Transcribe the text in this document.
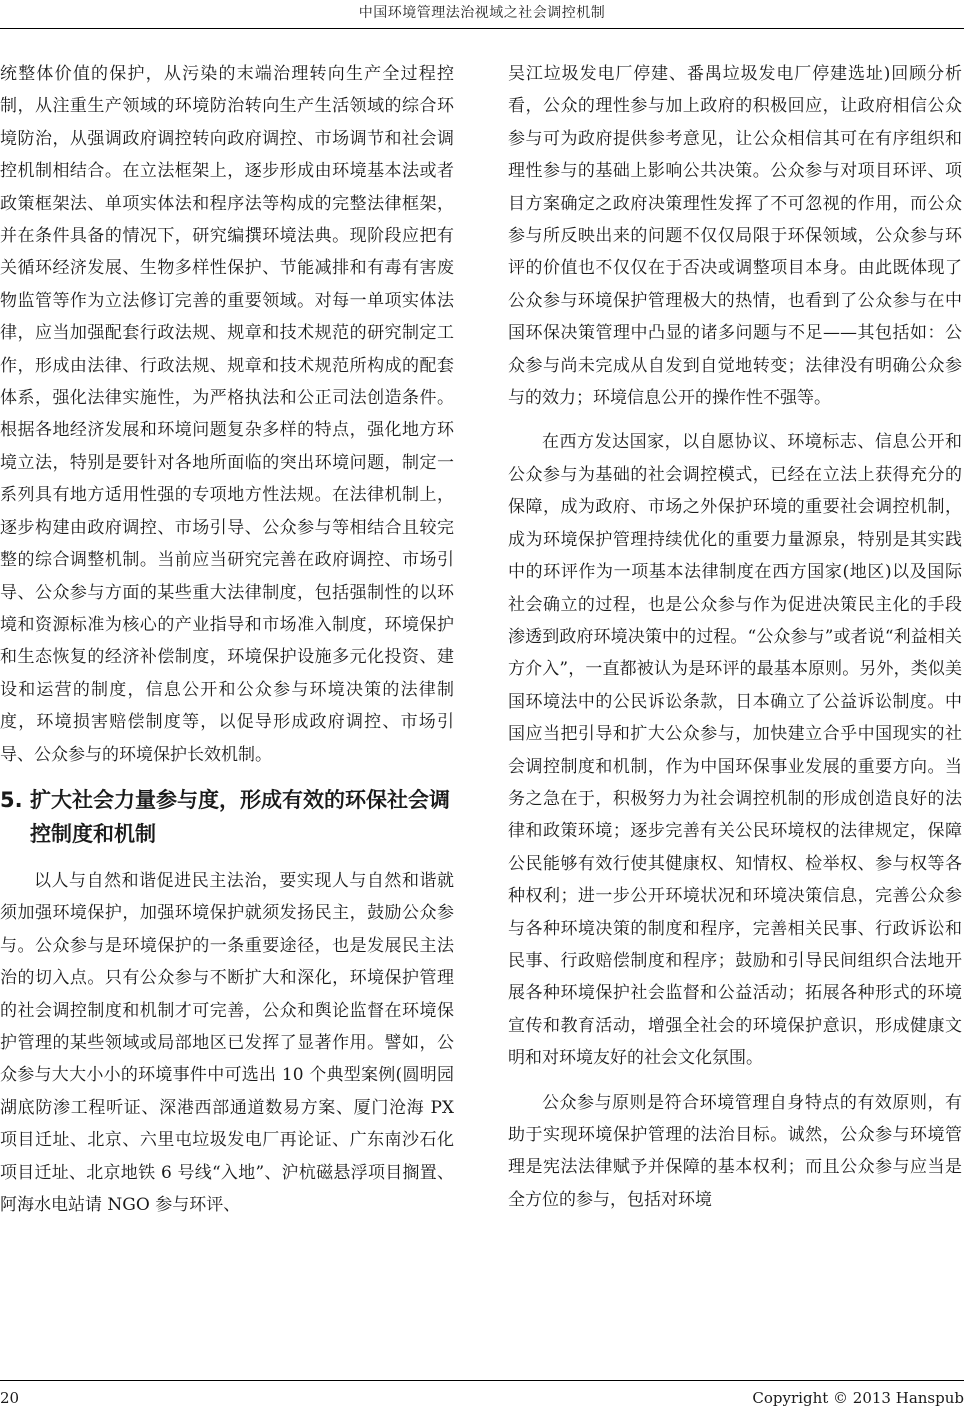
中国环境管理法治视域之社会调控机制

统整体价值的保护，从污染的末端治理转向生产全过程控制，从注重生产领域的环境防治转向生产生活领域的综合环境防治，从强调政府调控转向政府调控、市场调节和社会调控机制相结合。在立法框架上，逐步形成由环境基本法或者政策框架法、单项实体法和程序法等构成的完整法律框架，并在条件具备的情况下，研究编撰环境法典。现阶段应把有关循环经济发展、生物多样性保护、节能减排和有毒有害废物监管等作为立法修订完善的重要领域。对每一单项实体法律，应当加强配套行政法规、规章和技术规范的研究制定工作，形成由法律、行政法规、规章和技术规范所构成的配套体系，强化法律实施性，为严格执法和公正司法创造条件。根据各地经济发展和环境问题复杂多样的特点，强化地方环境立法，特别是要针对各地所面临的突出环境问题，制定一系列具有地方适用性强的专项地方性法规。在法律机制上，逐步构建由政府调控、市场引导、公众参与等相结合且较完整的综合调整机制。当前应当研究完善在政府调控、市场引导、公众参与方面的某些重大法律制度，包括强制性的以环境和资源标准为核心的产业指导和市场准入制度，环境保护和生态恢复的经济补偿制度，环境保护设施多元化投资、建设和运营的制度，信息公开和公众参与环境决策的法律制度，环境损害赔偿制度等，以促导形成政府调控、市场引导、公众参与的环境保护长效机制。

5. 扩大社会力量参与度，形成有效的环保社会调控制度和机制

以人与自然和谐促进民主法治，要实现人与自然和谐就须加强环境保护，加强环境保护就须发扬民主，鼓励公众参与。公众参与是环境保护的一条重要途径，也是发展民主法治的切入点。只有公众参与不断扩大和深化，环境保护管理的社会调控制度和机制才可完善，公众和舆论监督在环境保护管理的某些领域或局部地区已发挥了显著作用。譬如，公众参与大大小小的环境事件中可选出 10 个典型案例(圆明园湖底防渗工程听证、深港西部通道数易方案、厦门沧海 PX 项目迁址、北京、六里屯垃圾发电厂再论证、广东南沙石化项目迁址、北京地铁 6 号线“入地”、沪杭磁悬浮项目搁置、阿海水电站请 NGO 参与环评、

吴江垃圾发电厂停建、番禺垃圾发电厂停建选址)回顾分析看，公众的理性参与加上政府的积极回应，让政府相信公众参与可为政府提供参考意见，让公众相信其可在有序组织和理性参与的基础上影响公共决策。公众参与对项目环评、项目方案确定之政府决策理性发挥了不可忽视的作用，而公众参与所反映出来的问题不仅仅局限于环保领域，公众参与环评的价值也不仅仅在于否决或调整项目本身。由此既体现了公众参与环境保护管理极大的热情，也看到了公众参与在中国环保决策管理中凸显的诸多问题与不足——其包括如：公众参与尚未完成从自发到自觉地转变；法律没有明确公众参与的效力；环境信息公开的操作性不强等。

在西方发达国家，以自愿协议、环境标志、信息公开和公众参与为基础的社会调控模式，已经在立法上获得充分的保障，成为政府、市场之外保护环境的重要社会调控机制，成为环境保护管理持续优化的重要力量源泉，特别是其实践中的环评作为一项基本法律制度在西方国家(地区)以及国际社会确立的过程，也是公众参与作为促进决策民主化的手段渗透到政府环境决策中的过程。“公众参与”或者说“利益相关方介入”，一直都被认为是环评的最基本原则。另外，类似美国环境法中的公民诉讼条款，日本确立了公益诉讼制度。中国应当把引导和扩大公众参与，加快建立合乎中国现实的社会调控制度和机制，作为中国环保事业发展的重要方向。当务之急在于，积极努力为社会调控机制的形成创造良好的法律和政策环境；逐步完善有关公民环境权的法律规定，保障公民能够有效行使其健康权、知情权、检举权、参与权等各种权利；进一步公开环境状况和环境决策信息，完善公众参与各种环境决策的制度和程序，完善相关民事、行政诉讼和民事、行政赔偿制度和程序；鼓励和引导民间组织合法地开展各种环境保护社会监督和公益活动；拓展各种形式的环境宣传和教育活动，增强全社会的环境保护意识，形成健康文明和对环境友好的社会文化氛围。

公众参与原则是符合环境管理自身特点的有效原则，有助于实现环境保护管理的法治目标。诚然，公众参与环境管理是宪法法律赋予并保障的基本权利；而且公众参与应当是全方位的参与，包括对环境

20	Copyright © 2013 Hanspub
